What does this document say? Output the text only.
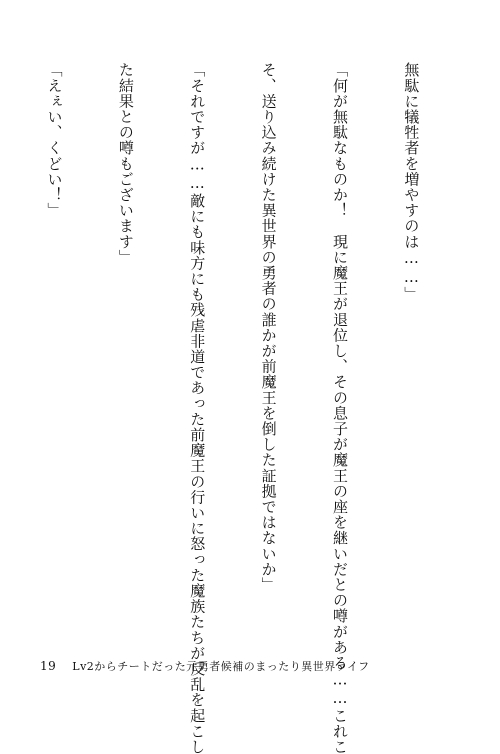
無駄に犠牲者を増やすのは……」

「何が無駄なものか！　現に魔王が退位し、その息子が魔王の座を継いだとの噂がある……これこ

そ、送り込み続けた異世界の勇者の誰かが前魔王を倒した証拠ではないか」

「それですが……敵にも味方にも残虐非道であった前魔王の行いに怒った魔族たちが反乱を起こし

た結果との噂もございます」

「えぇい、くどい！」

19 Lv2からチートだった元勇者候補のまったり異世界ライフ
